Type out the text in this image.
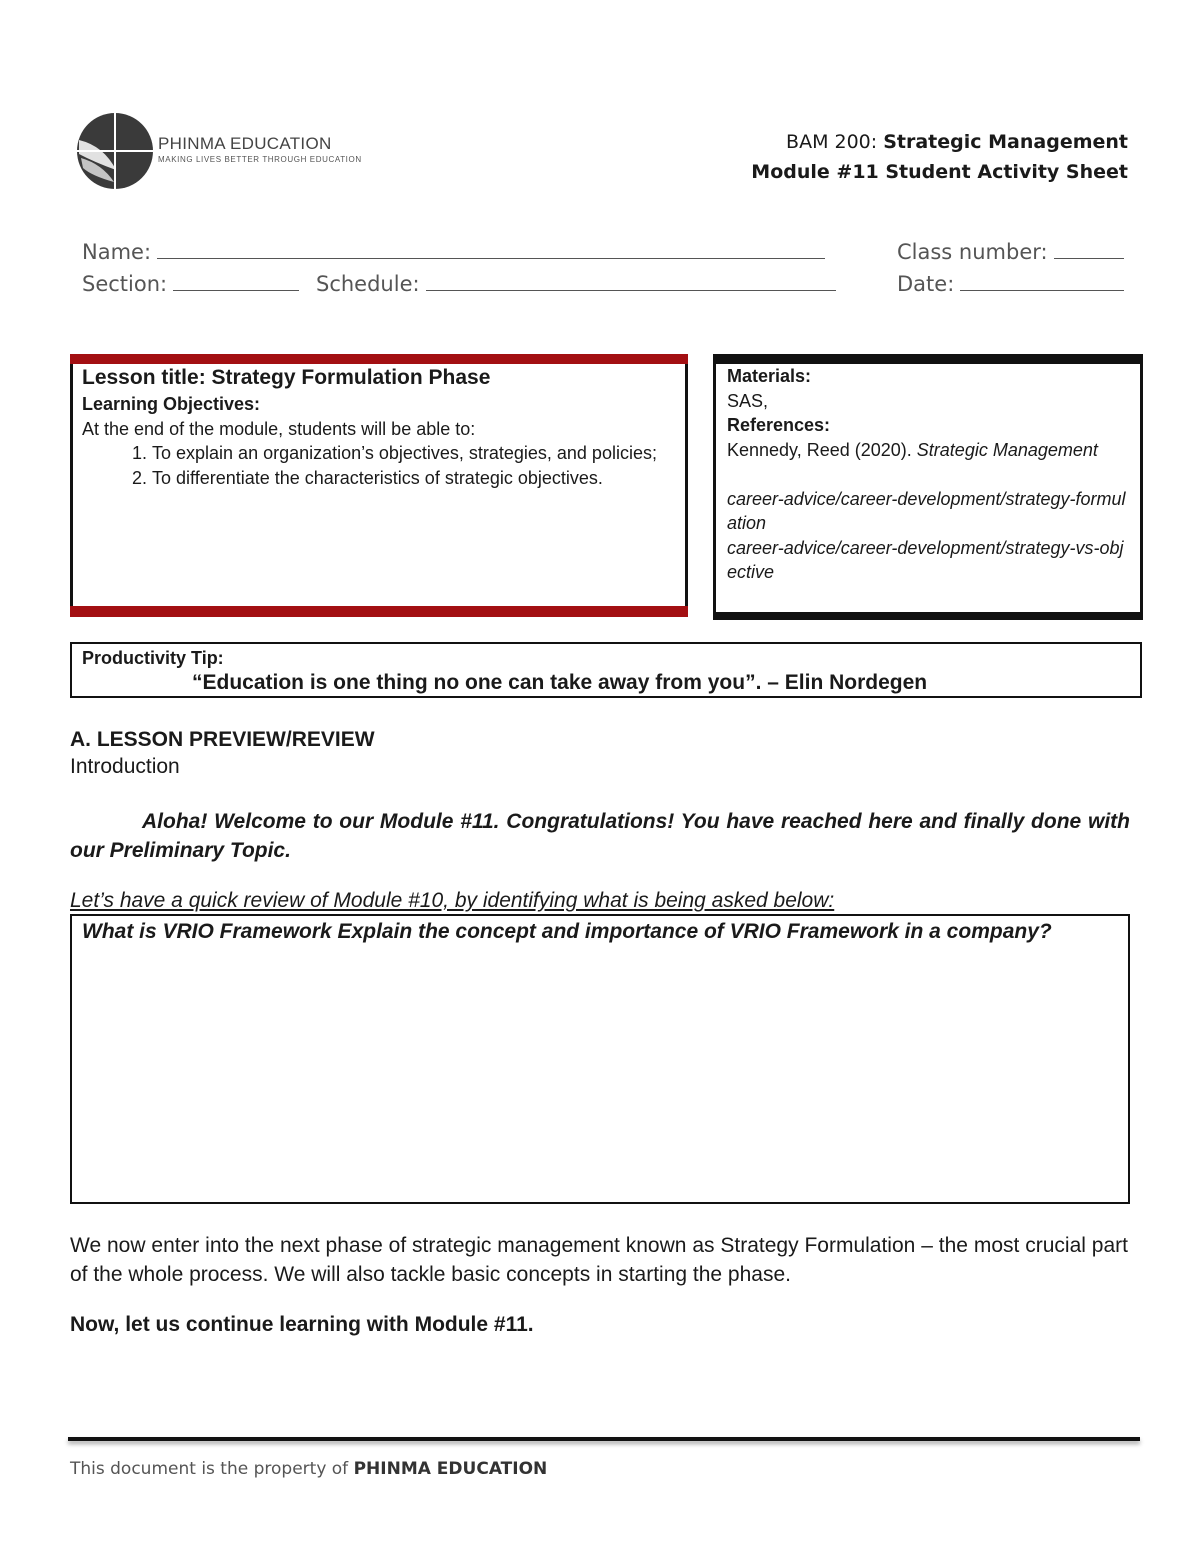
PHINMA EDUCATION
MAKING LIVES BETTER THROUGH EDUCATION
BAM 200: Strategic Management
Module #11 Student Activity Sheet
Name:	Class number:
Section:	Schedule:	Date:
Lesson title: Strategy Formulation Phase
Learning Objectives:
At the end of the module, students will be able to:
1. To explain an organization’s objectives, strategies, and policies;
2. To differentiate the characteristics of strategic objectives.
Materials:
SAS,
References:
Kennedy, Reed (2020). Strategic Management
career-advice/career-development/strategy-formulation
career-advice/career-development/strategy-vs-objective
Productivity Tip:
“Education is one thing no one can take away from you”. – Elin Nordegen
A. LESSON PREVIEW/REVIEW
Introduction
Aloha! Welcome to our Module #11. Congratulations! You have reached here and finally done with our Preliminary Topic.
Let’s have a quick review of Module #10, by identifying what is being asked below:
What is VRIO Framework Explain the concept and importance of VRIO Framework in a company?
We now enter into the next phase of strategic management known as Strategy Formulation – the most crucial part of the whole process. We will also tackle basic concepts in starting the phase.
Now, let us continue learning with Module #11.
This document is the property of PHINMA EDUCATION
